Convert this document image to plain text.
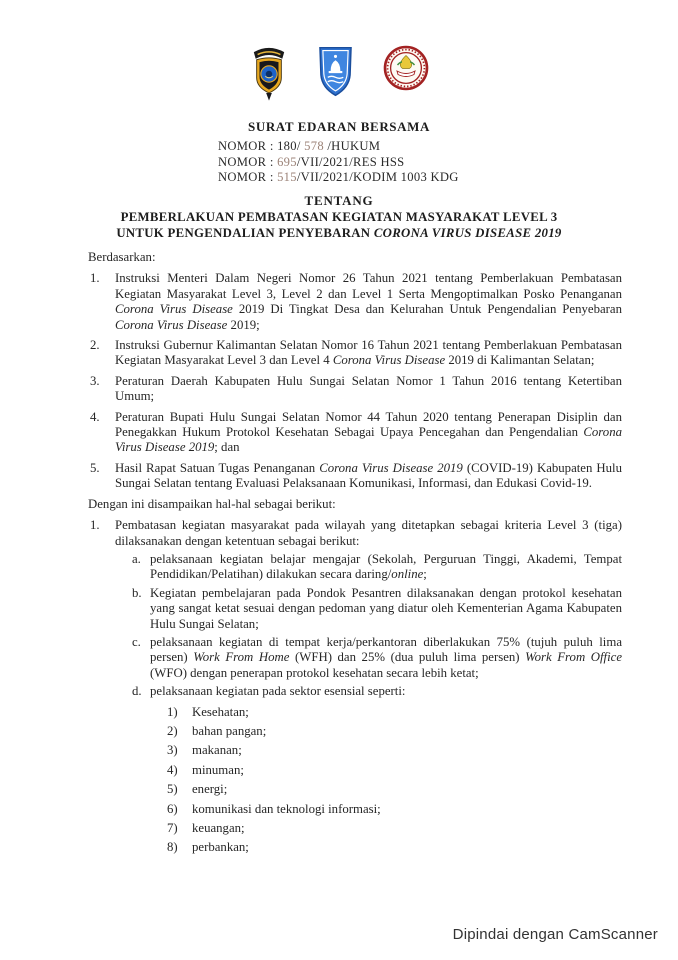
SURAT EDARAN BERSAMA
NOMOR : 180/ 578 /HUKUM
NOMOR : 695/VII/2021/RES HSS
NOMOR : 515/VII/2021/KODIM 1003 KDG
TENTANG
PEMBERLAKUAN PEMBATASAN KEGIATAN MASYARAKAT LEVEL 3
UNTUK PENGENDALIAN PENYEBARAN CORONA VIRUS DISEASE 2019

Berdasarkan:

1.	Instruksi Menteri Dalam Negeri Nomor 26 Tahun 2021 tentang Pemberlakuan Pembatasan Kegiatan Masyarakat Level 3, Level 2 dan Level 1 Serta Mengoptimalkan Posko Penanganan Corona Virus Disease 2019 Di Tingkat Desa dan Kelurahan Untuk Pengendalian Penyebaran Corona Virus Disease 2019;
2.	Instruksi Gubernur Kalimantan Selatan Nomor 16 Tahun 2021 tentang Pemberlakuan Pembatasan Kegiatan Masyarakat Level 3 dan Level 4 Corona Virus Disease 2019 di Kalimantan Selatan;
3.	Peraturan Daerah Kabupaten Hulu Sungai Selatan Nomor 1 Tahun 2016 tentang Ketertiban Umum;
4.	Peraturan Bupati Hulu Sungai Selatan Nomor 44 Tahun 2020 tentang Penerapan Disiplin dan Penegakkan Hukum Protokol Kesehatan Sebagai Upaya Pencegahan dan Pengendalian Corona Virus Disease 2019; dan
5.	Hasil Rapat Satuan Tugas Penanganan Corona Virus Disease 2019 (COVID-19) Kabupaten Hulu Sungai Selatan tentang Evaluasi Pelaksanaan Komunikasi, Informasi, dan Edukasi Covid-19.

Dengan ini disampaikan hal-hal sebagai berikut:

1.	Pembatasan kegiatan masyarakat pada wilayah yang ditetapkan sebagai kriteria Level 3 (tiga) dilaksanakan dengan ketentuan sebagai berikut:
a. pelaksanaan kegiatan belajar mengajar (Sekolah, Perguruan Tinggi, Akademi, Tempat Pendidikan/Pelatihan) dilakukan secara daring/online;
b. Kegiatan pembelajaran pada Pondok Pesantren dilaksanakan dengan protokol kesehatan yang sangat ketat sesuai dengan pedoman yang diatur oleh Kementerian Agama Kabupaten Hulu Sungai Selatan;
c. pelaksanaan kegiatan di tempat kerja/perkantoran diberlakukan 75% (tujuh puluh lima persen) Work From Home (WFH) dan 25% (dua puluh lima persen) Work From Office (WFO) dengan penerapan protokol kesehatan secara lebih ketat;
d. pelaksanaan kegiatan pada sektor esensial seperti:
1)	Kesehatan;
2)	bahan pangan;
3)	makanan;
4)	minuman;
5)	energi;
6)	komunikasi dan teknologi informasi;
7)	keuangan;
8)	perbankan;
Dipindai dengan CamScanner
